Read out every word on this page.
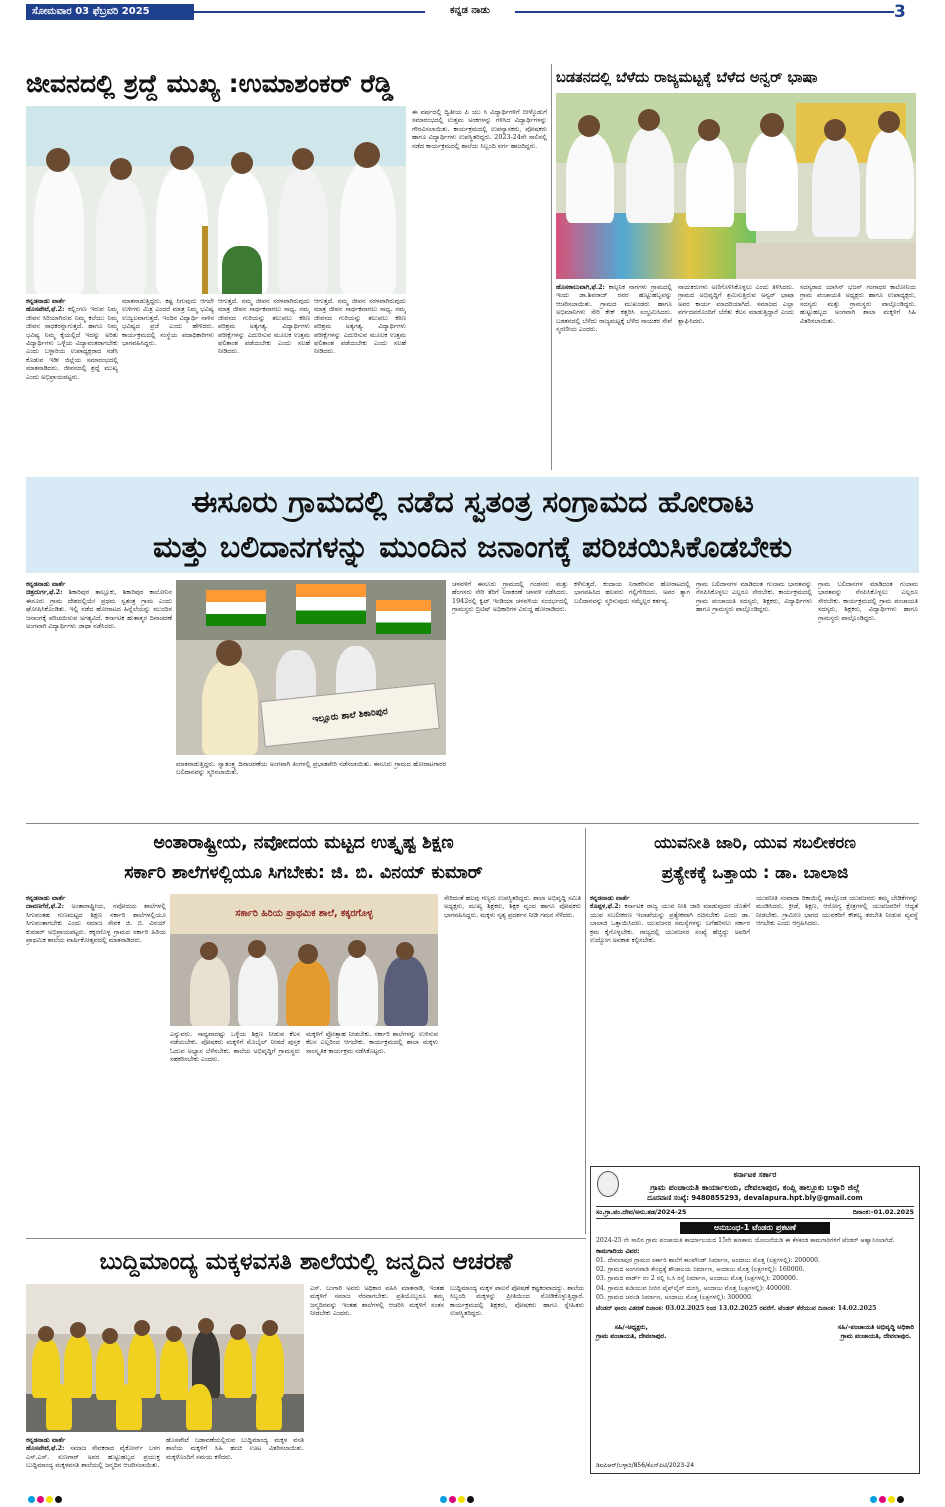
ಸೋಮವಾರ 03 ಫೆಬ್ರವರಿ 2025	ಕನ್ನಡ ನಾಡು	3
ಜೀವನದಲ್ಲಿ ಶ್ರದ್ದೆ ಮುಖ್ಯ :ಉಮಾಶಂಕರ್ ರೆಡ್ಡಿ
ಕನ್ನಡನಾಡು ವಾರ್ತೆ
ಹೊಸಪೇಟೆ,ಫೆ.2: ಕಲ್ಲಿಂಗಣ ಇರುವ ನಿಮ್ಮ ಜೀವನ ಸಿರಿಯಾಗಿರುವ ನಿಮ್ಮ ಕಲೆಯು ನಿಮ್ಮ ಜೀವನ ಸಾಧಕರನ್ನಾಗುತ್ತದೆ. ಹಾಗೂ ನಿಮ್ಮ ಭವಿಷ್ಯ ನಿಮ್ಮ ಕೈಯಲ್ಲಿದೆ ಇದನ್ನು ಅರಿತು ವಿದ್ಯಾರ್ಥಿಗಳು ಒಳ್ಳೆಯ ವಿದ್ಯಾವಂತರಾಗಬೇಕು ಎಂದು ಬಳ್ಳಾರಿಯ ಉಪಾಧ್ಯಕ್ಷರಾದ ನಡೆಸಿ ಕೊಡುವ ಇಡೀ ಜಿಲ್ಲೆಯ ಸಮಾರಂಭದಲ್ಲಿ ಮಾತನಾಡಿದರು. ಜೀವನದಲ್ಲಿ ಶ್ರದ್ದೆ ಮುಖ್ಯ ಎಂದು ಅಭಿಪ್ರಾಯಪಟ್ಟರು.
ಮಾತನಾಡುತ್ತಿದ್ದರು. ಕಷ್ಟ ಸಿಗುವುದು ಆಗಲೇ ಉಳಿಗಳು ಮಿತ್ರ ಎಂದರೆ ಮಾತ್ರ ನಿಮ್ಮ ಭವಿಷ್ಯ ಉಜ್ವಲವಾಗುತ್ತದೆ. ಇಂದಿನ ವಿದ್ಯಾರ್ಥಿ ನಾಳಿನ ಭವಿಷ್ಯದ ಪ್ರಜೆ ಎಂದು ಹೇಳಿದರು. ಕಾರ್ಯಕ್ರಮದಲ್ಲಿ ಸಂಸ್ಥೆಯ ಪದಾಧಿಕಾರಿಗಳು ಭಾಗವಹಿಸಿದ್ದರು.
ಆಗುತ್ತದೆ. ನಮ್ಮ ಜೀವನ ಸರಳವಾಗಿರುವುದು ಮಾತ್ರ ಜೀವನ ಸಾರ್ಥಕವಾಗಲು ಸಾಧ್ಯ. ನಮ್ಮ ಜೀವನದ ಗುರಿಯನ್ನು ತಲುಪಲು ಕಠಿಣ ಪರಿಶ್ರಮ ಅತ್ಯಗತ್ಯ. ವಿದ್ಯಾರ್ಥಿಗಳು ಪರೀಕ್ಷೆಗಳನ್ನು ಎದುರಿಸುವ ಮೂಲಕ ಉತ್ತಮ ಫಲಿತಾಂಶ ಪಡೆಯಬೇಕು ಎಂದು ಸಲಹೆ ನೀಡಿದರು.
ಆಗುತ್ತದೆ. ನಮ್ಮ ಜೀವನ ಸರಳವಾಗಿರುವುದು ಮಾತ್ರ ಜೀವನ ಸಾರ್ಥಕವಾಗಲು ಸಾಧ್ಯ. ನಮ್ಮ ಜೀವನದ ಗುರಿಯನ್ನು ತಲುಪಲು ಕಠಿಣ ಪರಿಶ್ರಮ ಅತ್ಯಗತ್ಯ. ವಿದ್ಯಾರ್ಥಿಗಳು ಪರೀಕ್ಷೆಗಳನ್ನು ಎದುರಿಸುವ ಮೂಲಕ ಉತ್ತಮ ಫಲಿತಾಂಶ ಪಡೆಯಬೇಕು ಎಂದು ಸಲಹೆ ನೀಡಿದರು.
ಈ ವರ್ಷದಲ್ಲಿ ದ್ವಿತೀಯ ಪಿ ಯು ಸಿ ವಿದ್ಯಾರ್ಥಿಗಳಿಗೆ ಬೀಳ್ಕೊಡುಗೆ ಸಮಾರಂಭದಲ್ಲಿ ಉತ್ತಮ ಅಂಕಗಳನ್ನು ಗಳಿಸಿದ ವಿದ್ಯಾರ್ಥಿಗಳನ್ನು ಗೌರವಿಸಲಾಯಿತು. ಕಾರ್ಯಕ್ರಮದಲ್ಲಿ ಉಪನ್ಯಾಸಕರು, ಪೋಷಕರು ಹಾಗೂ ವಿದ್ಯಾರ್ಥಿಗಳು ಉಪಸ್ಥಿತರಿದ್ದರು. 2023-24ನೇ ಸಾಲಿನಲ್ಲಿ ನಡೆದ ಕಾರ್ಯಕ್ರಮದಲ್ಲಿ ಶಾಲೆಯ ಸಿಬ್ಬಂದಿ ವರ್ಗ ಹಾಜರಿದ್ದರು.
ಬಡತನದಲ್ಲಿ ಬೆಳೆದು ರಾಜ್ಯಮಟ್ಟಕ್ಕೆ ಬೆಳೆದ ಅನ್ವರ್ ಭಾಷಾ
ಹೊಸಕಾಲುವಾಗಿ,ಫೆ.2: ಕಾಲ್ಪನಿಕ ನಾಗಗಳು ಗ್ರಾಮದಲ್ಲಿ ಇಂದು ಡಾ.ಶಿವರಾಜ್ ರವರ ಹುಟ್ಟುಹಬ್ಬವನ್ನು ಆಚರಿಸಲಾಯಿತು. ಗ್ರಾಮದ ಮುಖಂಡರು ಹಾಗೂ ಅಭಿಮಾನಿಗಳು ಸೇರಿ ಕೇಕ್ ಕತ್ತರಿಸಿ ಸಂಭ್ರಮಿಸಿದರು. ಬಡತನದಲ್ಲಿ ಬೆಳೆದು ರಾಜ್ಯಮಟ್ಟಕ್ಕೆ ಬೆಳೆದ ನಾಯಕರ ಸೇವೆ ಸ್ಮರಣೀಯ ಎಂದರು.
ನಾಯಕರುಗಳು ಅಣಿಗೊಳಿಸಿಕೊಳ್ಳಲು ಎಂದು ತಿಳಿಸಿದರು. ಗ್ರಾಮದ ಅಭಿವೃದ್ಧಿಗೆ ಶ್ರಮಿಸುತ್ತಿರುವ ಅನ್ವರ್ ಭಾಷಾ ಅವರ ಕಾರ್ಯ ಮಾದರಿಯಾಗಿದೆ. ಸಮಾಜದ ಎಲ್ಲಾ ವರ್ಗದವರೊಂದಿಗೆ ಬೆರೆತು ಕೆಲಸ ಮಾಡುತ್ತಿದ್ದಾರೆ ಎಂದು ಶ್ಲಾಘಿಸಿದರು.
ಸದಸ್ಯರಾದ ಯಾಸಿನ್ ಭಜನ್ ಗಂಗಾಧರ ಕಾಲೋನಿಯ ಗ್ರಾಮ ಪಂಚಾಯತಿ ಅಧ್ಯಕ್ಷರು ಹಾಗೂ ಉಪಾಧ್ಯಕ್ಷರು, ಸದಸ್ಯರು ಮತ್ತು ಗ್ರಾಮಸ್ಥರು ಪಾಲ್ಗೊಂಡಿದ್ದರು. ಹುಟ್ಟುಹಬ್ಬದ ಅಂಗವಾಗಿ ಶಾಲಾ ಮಕ್ಕಳಿಗೆ ಸಿಹಿ ವಿತರಿಸಲಾಯಿತು.
ಈಸೂರು ಗ್ರಾಮದಲ್ಲಿ ನಡೆದ ಸ್ವತಂತ್ರ ಸಂಗ್ರಾಮದ ಹೋರಾಟ
ಮತ್ತು ಬಲಿದಾನಗಳನ್ನು ಮುಂದಿನ ಜನಾಂಗಕ್ಕೆ ಪರಿಚಯಿಸಿಕೊಡಬೇಕು
ಕನ್ನಡನಾಡು ವಾರ್ತೆ
ಚಿತ್ರದುರ್ಗ,ಫೆ.2: ಶಿಕಾರಿಪುರ ತಾಲ್ಲೂಕು, ಶಿಕಾರಿಪುರ ಕಾಲೋನಿನ ಈಸೂರು ಗ್ರಾಮ ದೇಶದಲ್ಲಿಯೇ ಪ್ರಥಮ ಸ್ವತಂತ್ರ ಗ್ರಾಮ ಎಂದು ಘೋಷಿಸಿಕೊಂಡಿತು. ಇಲ್ಲಿ ನಡೆದ ಹೋರಾಟದ ಹಿನ್ನೆಲೆಯನ್ನು ಮುಂದಿನ ಜನಾಂಗಕ್ಕೆ ಪರಿಚಯಿಸುವ ಅಗತ್ಯವಿದೆ. ಕರ್ನಾಟಕ ಹುತಾತ್ಮರ ದಿನಾಚರಣೆ ಅಂಗವಾಗಿ ವಿದ್ಯಾರ್ಥಿಗಳು ಜಾಥಾ ನಡೆಸಿದರು.
ಇಲ್ಲೂರು ಶಾಲೆ ಶಿಕಾರಿಪುರ
ಮಾತನಾಡುತ್ತಿದ್ದರು. ಸ್ವಾತಂತ್ರ್ಯ ದಿನಾಚರಣೆಯ ಅಂಗವಾಗಿ ತಿಂಗಳಲ್ಲಿ ಪ್ರಭಾತಪೇರಿ ನಡೆಸಲಾಯಿತು. ಈಸೂರು ಗ್ರಾಮದ ಹೋರಾಟಗಾರರ ಬಲಿದಾನವನ್ನು ಸ್ಮರಿಸಲಾಯಿತು.
ಚಳವಳಿಗೆ ಈಸೂರು ಗ್ರಾಮದಲ್ಲಿ ಗಂಡಸರು ಮತ್ತು ಹೆಂಗಸರು ಸೇರಿ ತೆರಿಗೆ ನಿರಾಕರಣೆ ಚಳವಳಿ ನಡೆಸಿದರು. 1942ರಲ್ಲಿ ಕ್ವಿಟ್ ಇಂಡಿಯಾ ಚಳವಳಿಯ ಸಂದರ್ಭದಲ್ಲಿ ಗ್ರಾಮಸ್ಥರು ಬ್ರಿಟಿಷ್ ಅಧಿಕಾರಿಗಳ ವಿರುದ್ಧ ಹೋರಾಡಿದರು.
ಕಳೆಸುತ್ತದೆ. ಕಂದಾಯ ನಿರಾಕರಿಸುವ ಹೋರಾಟದಲ್ಲಿ ಭಾಗವಹಿಸಿದ ಹಲವರು ಗಲ್ಲಿಗೇರಿದರು. ಅವರ ತ್ಯಾಗ ಬಲಿದಾನವನ್ನು ಸ್ಮರಿಸುವುದು ನಮ್ಮೆಲ್ಲರ ಕರ್ತವ್ಯ.
ಗ್ರಾಮ ಬಲಿದಾನಗಳ ಮಾಡಿದಂತ ಗುಲಾಮ ಭಾರತವನ್ನು ನೆನಪಿಸಿಕೊಳ್ಳಲು ಎಲ್ಲರೂ ಸೇರಬೇಕು. ಕಾರ್ಯಕ್ರಮದಲ್ಲಿ ಗ್ರಾಮ ಪಂಚಾಯತಿ ಸದಸ್ಯರು, ಶಿಕ್ಷಕರು, ವಿದ್ಯಾರ್ಥಿಗಳು ಹಾಗೂ ಗ್ರಾಮಸ್ಥರು ಪಾಲ್ಗೊಂಡಿದ್ದರು.
ಗ್ರಾಮ ಬಲಿದಾನಗಳ ಮಾಡಿದಂತ ಗುಲಾಮ ಭಾರತವನ್ನು ನೆನಪಿಸಿಕೊಳ್ಳಲು ಎಲ್ಲರೂ ಸೇರಬೇಕು. ಕಾರ್ಯಕ್ರಮದಲ್ಲಿ ಗ್ರಾಮ ಪಂಚಾಯತಿ ಸದಸ್ಯರು, ಶಿಕ್ಷಕರು, ವಿದ್ಯಾರ್ಥಿಗಳು ಹಾಗೂ ಗ್ರಾಮಸ್ಥರು ಪಾಲ್ಗೊಂಡಿದ್ದರು.
ಅಂತಾರಾಷ್ಟ್ರೀಯ, ನವೋದಯ ಮಟ್ಟದ ಉತ್ಕೃಷ್ಟ ಶಿಕ್ಷಣ
ಸರ್ಕಾರಿ ಶಾಲೆಗಳಲ್ಲಿಯೂ ಸಿಗಬೇಕು: ಜಿ. ಬಿ. ವಿನಯ್ ಕುಮಾರ್
ಕನ್ನಡನಾಡು ವಾರ್ತೆ
ದಾವಣಗೆರೆ,ಫೆ.2: ಅಂತಾರಾಷ್ಟ್ರೀಯ, ನವೋದಯ ಶಾಲೆಗಳಲ್ಲಿ ಸಿಗುವಂತಹ ಗುಣಮಟ್ಟದ ಶಿಕ್ಷಣ ಸರ್ಕಾರಿ ಶಾಲೆಗಳಲ್ಲಿಯೂ ಸಿಗುವಂತಾಗಬೇಕು ಎಂದು ಸಮಾಜ ಸೇವಕ ಜಿ. ಬಿ. ವಿನಯ್ ಕುಮಾರ್ ಅಭಿಪ್ರಾಯಪಟ್ಟರು. ಕಕ್ಕರಗೊಳ್ಳ ಗ್ರಾಮದ ಸರ್ಕಾರಿ ಹಿರಿಯ ಪ್ರಾಥಮಿಕ ಶಾಲೆಯ ವಾರ್ಷಿಕೋತ್ಸವದಲ್ಲಿ ಮಾತನಾಡಿದರು.
ಸರ್ಕಾರಿ ಹಿರಿಯ ಪ್ರಾಥಮಿಕ ಶಾಲೆ, ಕಕ್ಕರಗೊಳ್ಳ
ಎನ್ನುವರು. ಸಾಧ್ಯವಾದಷ್ಟು ಒಳ್ಳೆಯ ಶಿಕ್ಷಣ ನೀಡುವ ಕೆಲಸ ನಡೆಯಬೇಕು. ಪೋಷಕರು ಮಕ್ಕಳಿಗೆ ಮೊಬೈಲ್ ನೀಡದೆ ಪುಸ್ತಕ ಓದುವ ಅಭ್ಯಾಸ ಬೆಳೆಸಬೇಕು. ಶಾಲೆಯ ಅಭಿವೃದ್ಧಿಗೆ ಗ್ರಾಮಸ್ಥರು ಸಹಕರಿಸಬೇಕು ಎಂದರು.
ಮಕ್ಕಳಿಗೆ ಪ್ರೋತ್ಸಾಹ ನೀಡಬೇಕು. ಸರ್ಕಾರಿ ಶಾಲೆಗಳನ್ನು ಉಳಿಸುವ ಕೆಲಸ ಎಲ್ಲರಿಂದ ಆಗಬೇಕು. ಕಾರ್ಯಕ್ರಮದಲ್ಲಿ ಶಾಲಾ ಮಕ್ಕಳು ಸಾಂಸ್ಕೃತಿಕ ಕಾರ್ಯಕ್ರಮ ನಡೆಸಿಕೊಟ್ಟರು.
ಸೇರಿದಂತೆ ಹಲವು ಗಣ್ಯರು ಉಪಸ್ಥಿತರಿದ್ದರು. ಶಾಲಾ ಅಭಿವೃದ್ಧಿ ಸಮಿತಿ ಅಧ್ಯಕ್ಷರು, ಮುಖ್ಯ ಶಿಕ್ಷಕರು, ಶಿಕ್ಷಕ ವೃಂದ ಹಾಗೂ ಪೋಷಕರು ಭಾಗವಹಿಸಿದ್ದರು. ಮಕ್ಕಳು ನೃತ್ಯ ಪ್ರದರ್ಶನ ನೀಡಿ ಗಮನ ಸೆಳೆದರು.
ಯುವನೀತಿ ಜಾರಿ, ಯುವ ಸಬಲೀಕರಣ
ಪ್ರತ್ಯೇಕಕ್ಕೆ ಒತ್ತಾಯ : ಡಾ. ಬಾಲಾಜಿ
ಕನ್ನಡನಾಡು ವಾರ್ತೆ
ಕೊಪ್ಪಳ,ಫೆ.2: ಕರ್ನಾಟಕ ರಾಜ್ಯ ಯುವ ನೀತಿ ಜಾರಿ ಮಾಡುವುದರ ಜೊತೆಗೆ ಯುವ ಸಬಲೀಕರಣ ಇಲಾಖೆಯನ್ನು ಪ್ರತ್ಯೇಕವಾಗಿ ರಚಿಸಬೇಕು ಎಂದು ಡಾ. ಬಾಲಾಜಿ ಒತ್ತಾಯಿಸಿದರು. ಯುವಜನರ ಸಮಸ್ಯೆಗಳನ್ನು ಬಗೆಹರಿಸಲು ಸರ್ಕಾರ ಕ್ರಮ ಕೈಗೊಳ್ಳಬೇಕು. ರಾಜ್ಯದಲ್ಲಿ ಯುವಜನರ ಸಂಖ್ಯೆ ಹೆಚ್ಚಿದ್ದು ಅವರಿಗೆ ಉದ್ಯೋಗ ಅವಕಾಶ ಕಲ್ಪಿಸಬೇಕು.
ಯುವನೀತಿ ಸಂವಾದಾ ರಿಕಾಯಿಲ್ಲಿ ಪಾಲ್ಗೊಂಡ ಯುವಜನರು ತಮ್ಮ ಬೇಡಿಕೆಗಳನ್ನು ಮಂಡಿಸಿದರು. ಕ್ರೀಡೆ, ಶಿಕ್ಷಣ, ಆರೋಗ್ಯ ಕ್ಷೇತ್ರಗಳಲ್ಲಿ ಯುವಜನರಿಗೆ ಆದ್ಯತೆ ನೀಡಬೇಕು. ಗ್ರಾಮೀಣ ಭಾಗದ ಯುವಕರಿಗೆ ಕೌಶಲ್ಯ ತರಬೇತಿ ನೀಡುವ ವ್ಯವಸ್ಥೆ ಆಗಬೇಕು ಎಂದು ಆಗ್ರಹಿಸಿದರು.
ಕರ್ನಾಟಕ ಸರ್ಕಾರ
ಗ್ರಾಮ ಪಂಚಾಯತಿ ಕಾರ್ಯಾಲಯ, ದೇವಲಾಪುರ, ಕಂಪ್ಲಿ ತಾಲ್ಲೂಕು ಬಳ್ಳಾರಿ ಜಿಲ್ಲೆ
ದೂರವಾಣಿ ಸಂಖ್ಯೆ: 9480855293, devalapura.hpt.bly@gmail.com
ಸಂ.ಗ್ರಾ.ಪಂ.ದೇವ/ಅನು.ತಡ/2024-25	ದಿನಾಂಕ:-01.02.2025
ಅನುಬಂಧ-1 ಟೆಂಡರು ಪ್ರಕಟಣೆ
2024-25 ನೇ ಸಾಲಿನ ಗ್ರಾಮ ಪಂಚಾಯತಿ ಕಾರ್ಯಾಲಯದ 15ನೇ ಹಣಕಾಸು ಯೋಜನೆಯಡಿ ಈ ಕೆಳಕಂಡ ಕಾಮಗಾರಿಗಳಿಗೆ ಟೆಂಡರ್ ಆಹ್ವಾನಿಸಲಾಗಿದೆ.
ಕಾಮಗಾರಿಯ ವಿವರ:
01. ದೇವಲಾಪುರ ಗ್ರಾಮದ ಸರ್ಕಾರಿ ಶಾಲೆಗೆ ಕಾಂಪೌಂಡ್ ನಿರ್ಮಾಣ, ಅಂದಾಜು ಮೊತ್ತ (ಲಕ್ಷಗಳಲ್ಲಿ): 200000.
02. ಗ್ರಾಮದ ಅಂಗನವಾಡಿ ಕೇಂದ್ರಕ್ಕೆ ಶೌಚಾಲಯ ನಿರ್ಮಾಣ, ಅಂದಾಜು ಮೊತ್ತ (ಲಕ್ಷಗಳಲ್ಲಿ): 160000.
03. ಗ್ರಾಮದ ವಾರ್ಡ್ ನಂ 2 ರಲ್ಲಿ ಸಿ.ಸಿ ರಸ್ತೆ ನಿರ್ಮಾಣ, ಅಂದಾಜು ಮೊತ್ತ (ಲಕ್ಷಗಳಲ್ಲಿ): 200000.
04. ಗ್ರಾಮದ ಕುಡಿಯುವ ನೀರಿನ ಪೈಪ್‌ಲೈನ್ ದುರಸ್ತಿ, ಅಂದಾಜು ಮೊತ್ತ (ಲಕ್ಷಗಳಲ್ಲಿ): 400000.
05. ಗ್ರಾಮದ ಚರಂಡಿ ನಿರ್ಮಾಣ, ಅಂದಾಜು ಮೊತ್ತ (ಲಕ್ಷಗಳಲ್ಲಿ): 300000.
ಟೆಂಡರ್ ಫಾರಂ ವಿತರಣೆ ದಿನಾಂಕ: 03.02.2025 ರಿಂದ 13.02.2025 ರವರೆಗೆ. ಟೆಂಡರ್ ತೆರೆಯುವ ದಿನಾಂಕ: 14.02.2025
ಸಹಿ/-ಅಧ್ಯಕ್ಷರು,
ಗ್ರಾಮ ಪಂಚಾಯತಿ, ದೇವಲಾಪುರ.
ಸಹಿ/-ಪಂಚಾಯತಿ ಅಭಿವೃದ್ಧಿ ಅಧಿಕಾರಿ
ಗ್ರಾಮ ಪಂಚಾಯತಿ, ದೇವಲಾಪುರ.
ಡಿಐಪಿಆರ್/ಬಳ್ಳಾರಿ/856/ಕೆಎನ್‌ಪಿಟಿ/2023-24
ಬುದ್ದಿಮಾಂದ್ಯ ಮಕ್ಕಳವಸತಿ ಶಾಲೆಯಲ್ಲಿ ಜನ್ಮದಿನ ಆಚರಣೆ
ಕನ್ನಡನಾಡು ವಾರ್ತೆ
ಹೊಸಪೇಟೆ,ಫೆ.2: ಸಮಾಜ ಸೇವಕರಾದ ವೈಕೋರ್ಸ್ ಬಳಗ ಎಸ್.ಎಸ್. ಸುಣಗಾರ್ ಅವರ ಹುಟ್ಟುಹಬ್ಬದ ಪ್ರಯುಕ್ತ ಬುದ್ದಿಮಾಂದ್ಯ ಮಕ್ಕಳವಸತಿ ಶಾಲೆಯಲ್ಲಿ ಜನ್ಮದಿನ ಆಚರಿಸಲಾಯಿತು.
ಹೊಸಪೇಟೆ ಬಡಾವಣೆಯಲ್ಲಿರುವ ಬುದ್ದಿಮಾಂದ್ಯ ಮಕ್ಕಳ ವಸತಿ ಶಾಲೆಯ ಮಕ್ಕಳಿಗೆ ಸಿಹಿ ಹಂಚಿ ಊಟ ವಿತರಿಸಲಾಯಿತು. ಮಕ್ಕಳೊಂದಿಗೆ ಸಮಯ ಕಳೆದರು.
ಎಸ್. ಬಂಗಾರಿ ಅವರು ಅಧಿಕಾರ ವಹಿಸಿ ಮಾತನಾಡಿ, ಇಂತಹ ಮಕ್ಕಳಿಗೆ ಸಮಾಜ ನೆರವಾಗಬೇಕು. ಪ್ರತಿಯೊಬ್ಬರೂ ತಮ್ಮ ಜನ್ಮದಿನವನ್ನು ಇಂತಹ ಶಾಲೆಗಳಲ್ಲಿ ಆಚರಿಸಿ ಮಕ್ಕಳಿಗೆ ಸಂತಸ ನೀಡಬೇಕು ಎಂದರು.
ಬುದ್ದಿಮಾಂದ್ಯ ಮಕ್ಕಳ ಪಾಲನೆ ಪೋಷಣೆ ಕಷ್ಟಕರವಾದದ್ದು. ಶಾಲೆಯ ಸಿಬ್ಬಂದಿ ಮಕ್ಕಳನ್ನು ಪ್ರೀತಿಯಿಂದ ನೋಡಿಕೊಳ್ಳುತ್ತಿದ್ದಾರೆ. ಕಾರ್ಯಕ್ರಮದಲ್ಲಿ ಶಿಕ್ಷಕರು, ಪೋಷಕರು ಹಾಗೂ ಸ್ನೇಹಿತರು ಉಪಸ್ಥಿತರಿದ್ದರು.
